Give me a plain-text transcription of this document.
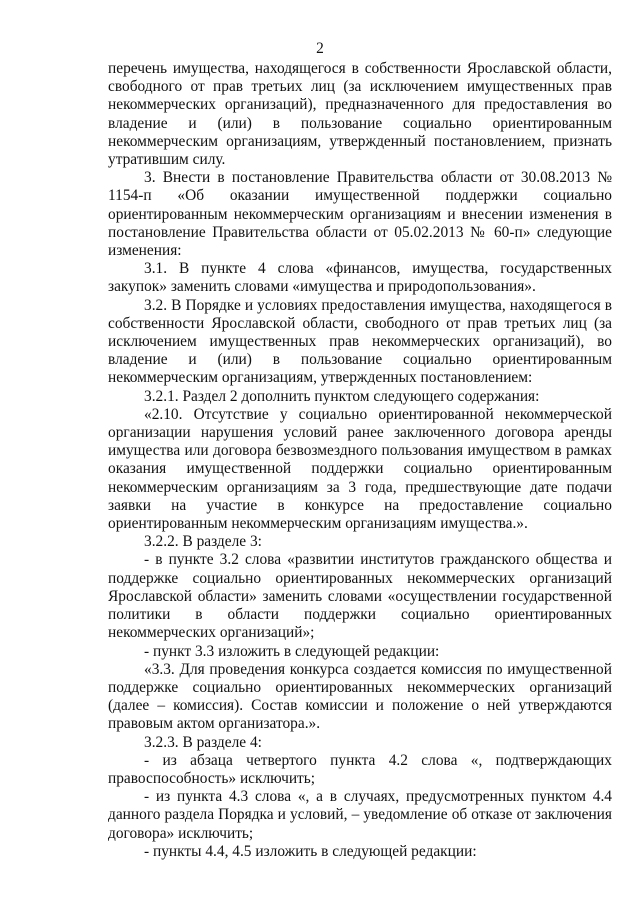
2

перечень имущества, находящегося в собственности Ярославской области, свободного от прав третьих лиц (за исключением имущественных прав некоммерческих организаций), предназначенного для предоставления во владение и (или) в пользование социально ориентированным некоммерческим организациям, утвержденный постановлением, признать утратившим силу.

3. Внести в постановление Правительства области от 30.08.2013 № 1154-п «Об оказании имущественной поддержки социально ориентированным некоммерческим организациям и внесении изменения в постановление Правительства области от 05.02.2013 № 60-п» следующие изменения:

3.1. В пункте 4 слова «финансов, имущества, государственных закупок» заменить словами «имущества и природопользования».

3.2. В Порядке и условиях предоставления имущества, находящегося в собственности Ярославской области, свободного от прав третьих лиц (за исключением имущественных прав некоммерческих организаций), во владение и (или) в пользование социально ориентированным некоммерческим организациям, утвержденных постановлением:

3.2.1. Раздел 2 дополнить пунктом следующего содержания:

«2.10. Отсутствие у социально ориентированной некоммерческой организации нарушения условий ранее заключенного договора аренды имущества или договора безвозмездного пользования имуществом в рамках оказания имущественной поддержки социально ориентированным некоммерческим организациям за 3 года, предшествующие дате подачи заявки на участие в конкурсе на предоставление социально ориентированным некоммерческим организациям имущества.».

3.2.2. В разделе 3:

- в пункте 3.2 слова «развитии институтов гражданского общества и поддержке социально ориентированных некоммерческих организаций Ярославской области» заменить словами «осуществлении государственной политики в области поддержки социально ориентированных некоммерческих организаций»;

- пункт 3.3 изложить в следующей редакции:

«3.3. Для проведения конкурса создается комиссия по имущественной поддержке социально ориентированных некоммерческих организаций (далее – комиссия). Состав комиссии и положение о ней утверждаются правовым актом организатора.».

3.2.3. В разделе 4:

- из абзаца четвертого пункта 4.2 слова «, подтверждающих правоспособность» исключить;

- из пункта 4.3 слова «, а в случаях, предусмотренных пунктом 4.4 данного раздела Порядка и условий, – уведомление об отказе от заключения договора» исключить;

- пункты 4.4, 4.5 изложить в следующей редакции:
